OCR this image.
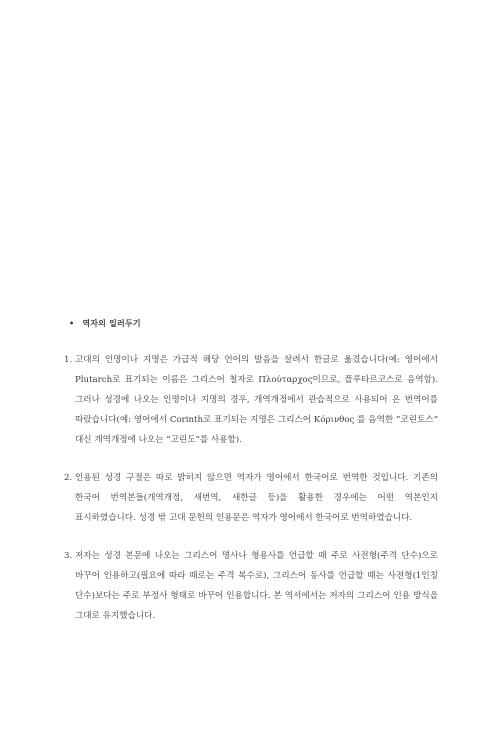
• 역자의 일러두기

1. 고대의 인명이나 지명은 가급적 해당 언어의 발음을 살려서 한글로 옮겼습니다(예: 영어에서 Plutarch로 표기되는 이름은 그리스어 철자로 Πλούταρχος이므로, 플루타르코스로 음역함). 그러나 성경에 나오는 인명이나 지명의 경우, 개역개정에서 관습적으로 사용되어 온 번역어를 따랐습니다(예: 영어에서 Corinth로 표기되는 지명은 그리스어 Κόρινθος 를 음역한 “코린토스” 대신 개역개정에 나오는 “고린도”를 사용함).

2. 인용된 성경 구절은 따로 밝히지 않으면 역자가 영어에서 한국어로 번역한 것입니다. 기존의 한국어 번역본들(개역개정, 새번역, 새한글 등)을 활용한 경우에는 어떤 역본인지 표시하였습니다. 성경 밖 고대 문헌의 인용문은 역자가 영어에서 한국어로 번역하였습니다.

3. 저자는 성경 본문에 나오는 그리스어 명사나 형용사를 언급할 때 주로 사전형(주격 단수)으로 바꾸어 인용하고(필요에 따라 때로는 주격 복수로), 그리스어 동사를 언급할 때는 사전형(1인칭 단수)보다는 주로 부정사 형태로 바꾸어 인용합니다. 본 역서에서는 저자의 그리스어 인용 방식을 그대로 유지했습니다.
